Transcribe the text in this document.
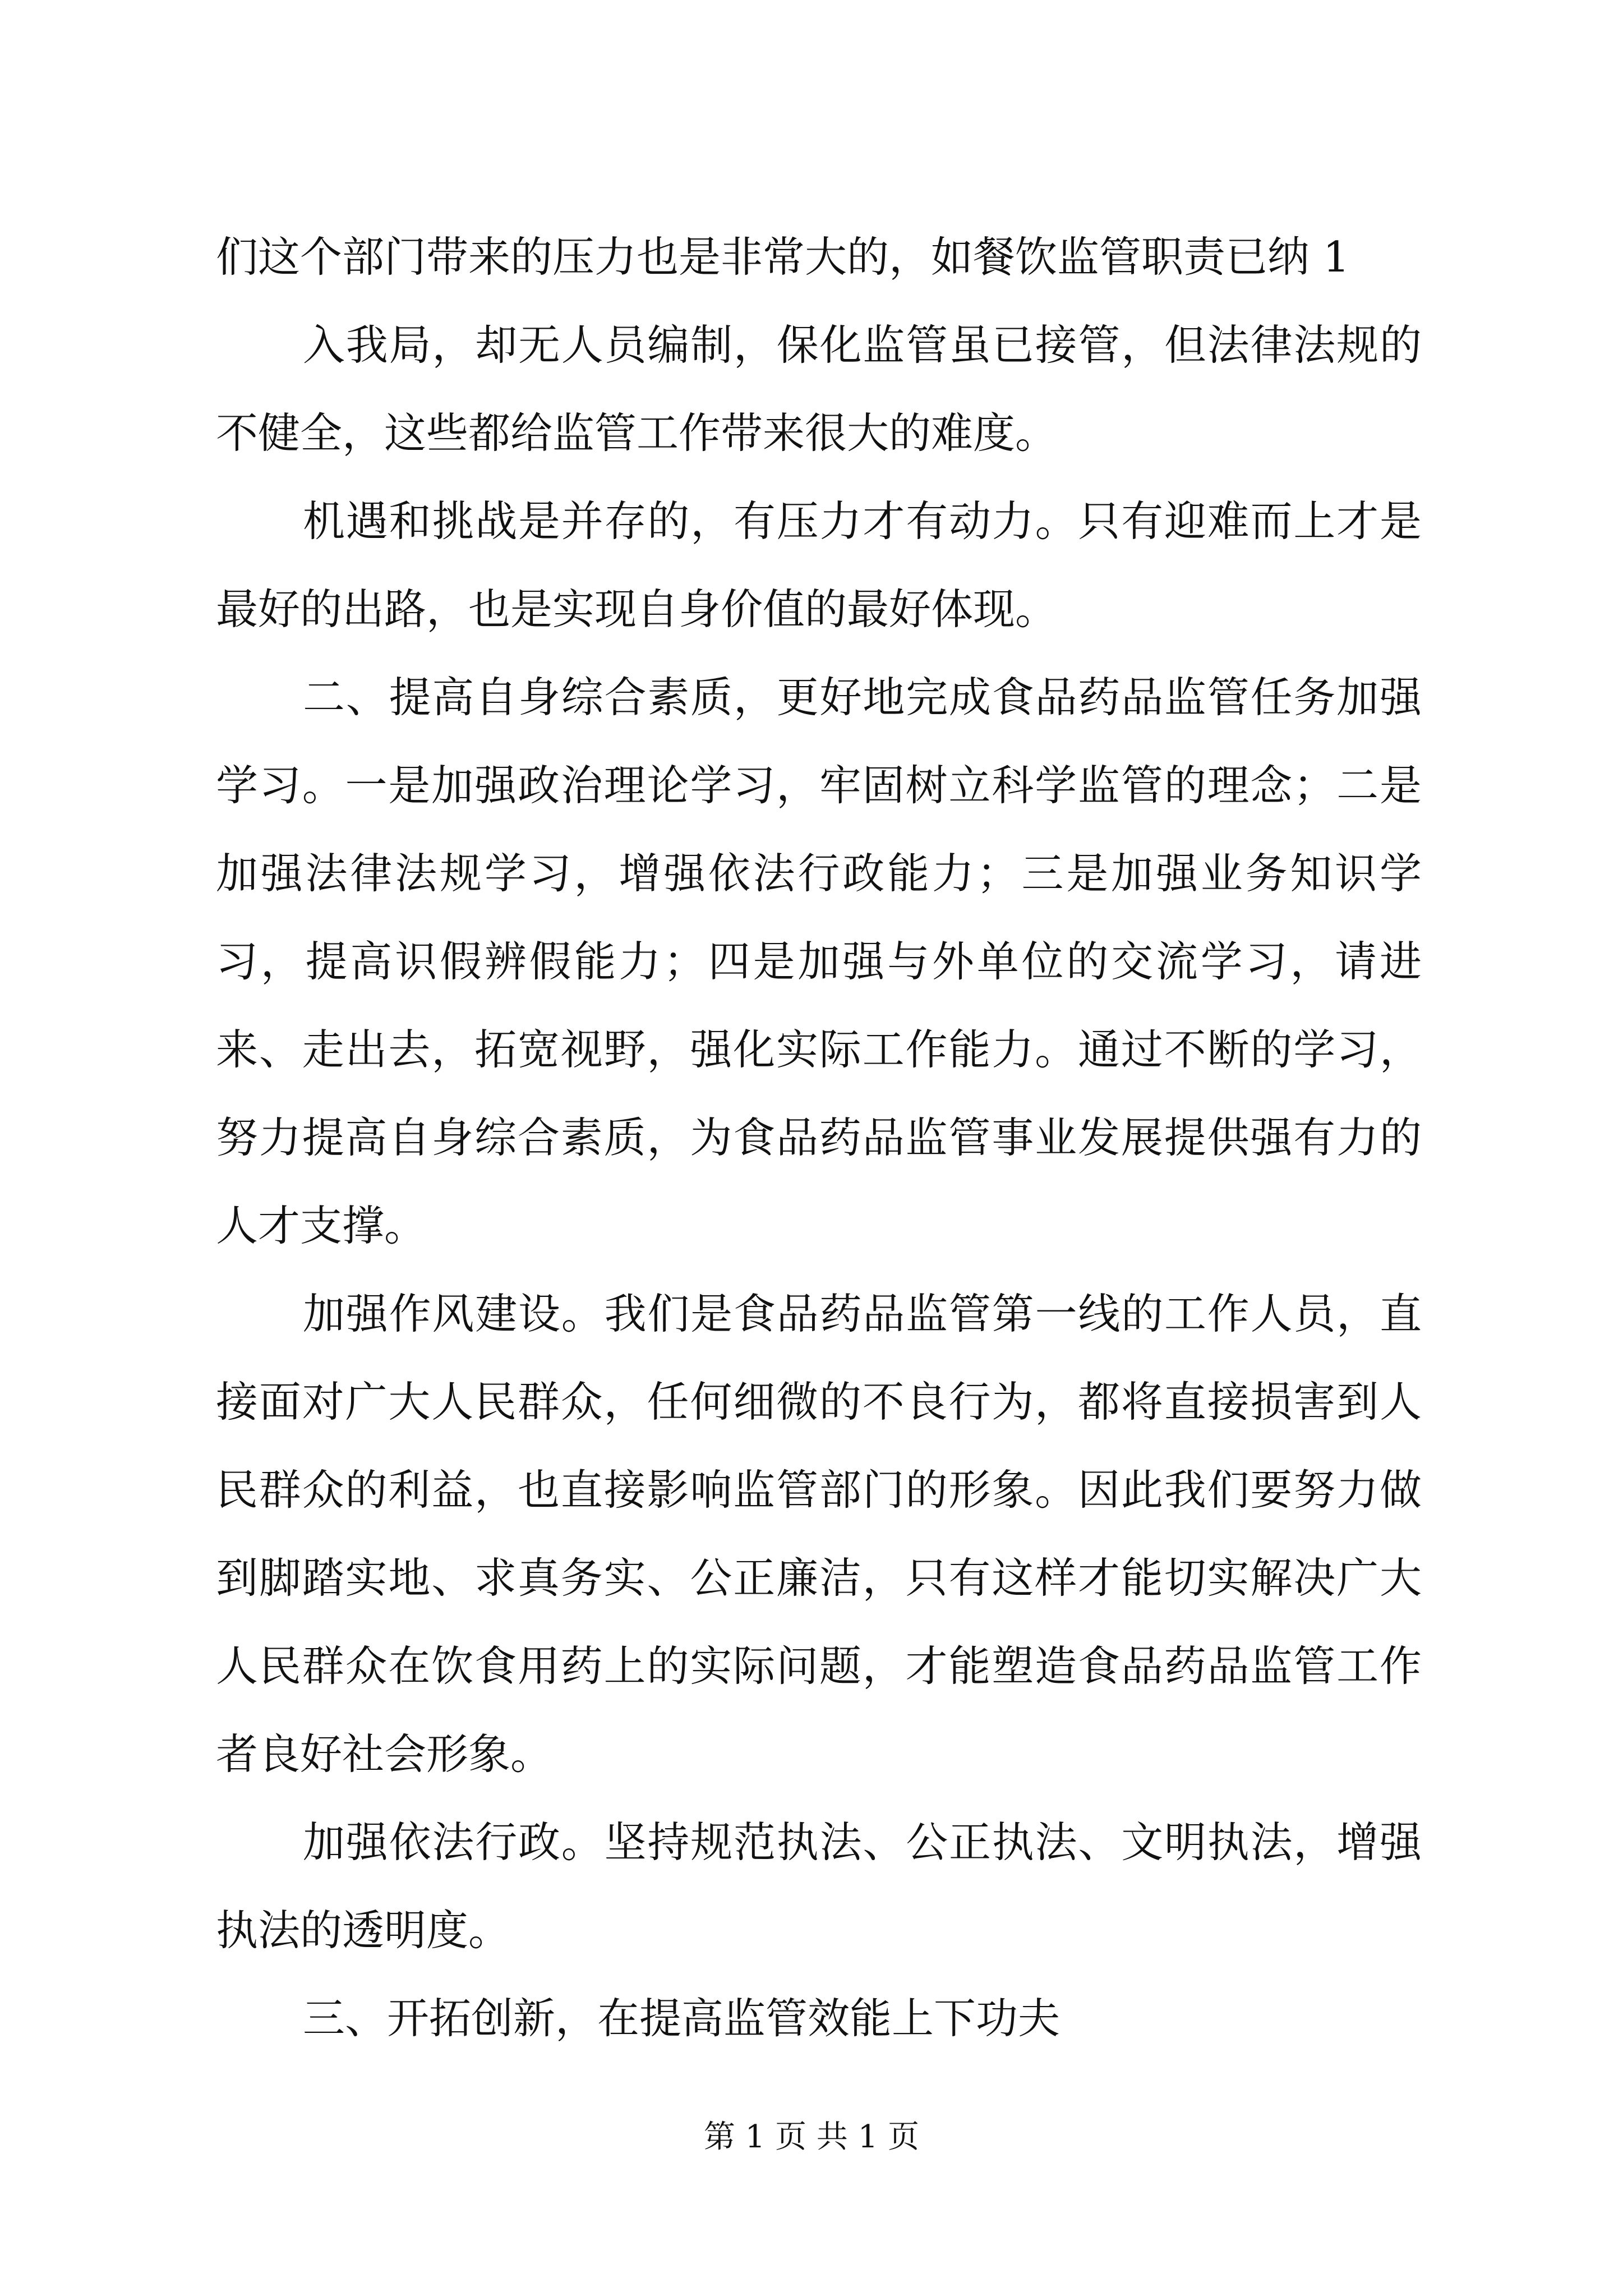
们这个部门带来的压力也是非常大的，如餐饮监管职责已纳 1

入我局，却无人员编制，保化监管虽已接管，但法律法规的不健全，这些都给监管工作带来很大的难度。

机遇和挑战是并存的，有压力才有动力。只有迎难而上才是最好的出路，也是实现自身价值的最好体现。

二、提高自身综合素质，更好地完成食品药品监管任务加强学习。一是加强政治理论学习，牢固树立科学监管的理念；二是加强法律法规学习，增强依法行政能力；三是加强业务知识学习，提高识假辨假能力；四是加强与外单位的交流学习，请进来、走出去，拓宽视野，强化实际工作能力。通过不断的学习，努力提高自身综合素质，为食品药品监管事业发展提供强有力的人才支撑。

加强作风建设。我们是食品药品监管第一线的工作人员，直接面对广大人民群众，任何细微的不良行为，都将直接损害到人民群众的利益，也直接影响监管部门的形象。因此我们要努力做到脚踏实地、求真务实、公正廉洁，只有这样才能切实解决广大人民群众在饮食用药上的实际问题，才能塑造食品药品监管工作者良好社会形象。

加强依法行政。坚持规范执法、公正执法、文明执法，增强执法的透明度。

三、开拓创新，在提高监管效能上下功夫

第 1 页 共 1 页
